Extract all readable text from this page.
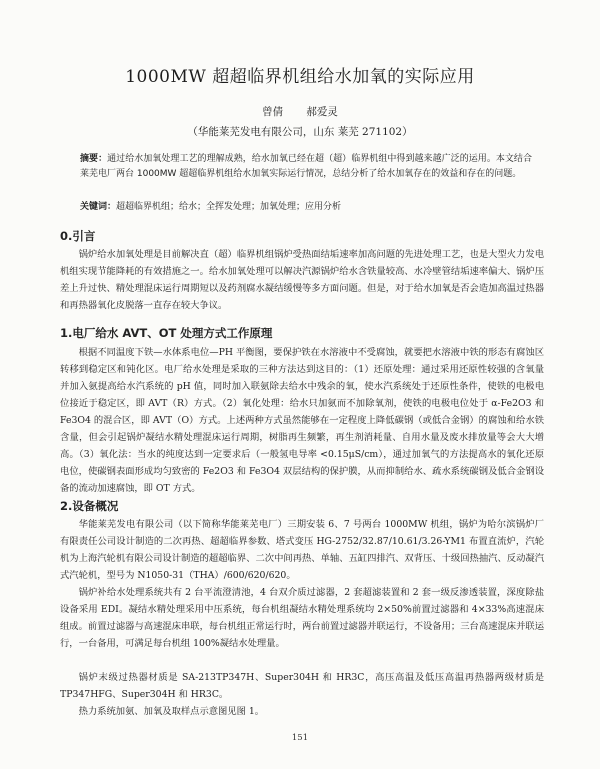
1000MW 超超临界机组给水加氧的实际应用
曾倩 郝爱灵
（华能莱芜发电有限公司，山东 莱芜 271102）
摘要：通过给水加氧处理工艺的理解成熟，给水加氧已经在超（超）临界机组中得到越来越广泛的运用。本文结合莱芜电厂两台 1000MW 超超临界机组给水加氧实际运行情况，总结分析了给水加氧存在的效益和存在的问题。
关键词：超超临界机组；给水；全挥发处理；加氧处理；应用分析
0.引言
锅炉给水加氧处理是目前解决直（超）临界机组锅炉受热面结垢速率加高问题的先进处理工艺，也是大型火力发电机组实现节能降耗的有效措施之一。给水加氧处理可以解决汽源锅炉给水含铁量较高、水冷壁管结垢速率偏大、锅炉压差上升过快、精处理混床运行周期短以及药剂腐水凝结缓慢等多方面问题。但是，对于给水加氧是否会造加高温过热器和再热器氧化皮脱落一直存在较大争议。
1.电厂给水 AVT、OT 处理方式工作原理
根据不同温度下铁—水体系电位—PH 平衡图，要保护铁在水溶液中不受腐蚀，就要把水溶液中铁的形态有腐蚀区转移到稳定区和钝化区。电厂给水处理是采取的三种方法达到这目的：（1）还原处理：通过采用还原性较强的含氧量并加入氨提高给水汽系统的 pH 值，同时加入联氨除去给水中残余的氧，使水汽系统处于还原性条件，使铁的电极电位接近于稳定区，即 AVT（R）方式。（2）氧化处理：给水只加氨而不加除氧剂，使铁的电极电位处于 α-Fe2O3 和 Fe3O4 的混合区，即 AVT（O）方式。上述两种方式虽然能够在一定程度上降低碳钢（或低合金钢）的腐蚀和给水铁含量，但会引起锅炉凝结水精处理混床运行周期，树脂再生频繁，再生剂消耗量、自用水量及废水排放量等会大大增高。（3）氧化法：当水的纯度达到一定要求后（一般氢电导率 <0.15μS/cm），通过加氧气的方法提高水的氧化还原电位，使碳钢表面形成均匀致密的 Fe2O3 和 Fe3O4 双层结构的保护膜，从而抑制给水、疏水系统碳钢及低合金钢设备的流动加速腐蚀，即 OT 方式。
2.设备概况
华能莱芜发电有限公司（以下简称华能莱芜电厂）三期安装 6、7 号两台 1000MW 机组，锅炉为哈尔滨锅炉厂有限责任公司设计制造的二次再热、超超临界参数、塔式变压 HG-2752/32.87/10.61/3.26-YM1 布置直流炉，汽轮机为上海汽轮机有限公司设计制造的超超临界、二次中间再热、单轴、五缸四排汽、双背压、十级回热抽汽、反动凝汽式汽轮机，型号为 N1050-31（THA）/600/620/620。
锅炉补给水处理系统共有 2 台平流澄清池，4 台双介质过滤器，2 套超滤装置和 2 套一级反渗透装置，深度除盐设备采用 EDI。凝结水精处理采用中压系统，每台机组凝结水精处理系统均 2×50%前置过滤器和 4×33%高速混床组成。前置过滤器与高速混床串联，每台机组正常运行时，两台前置过滤器并联运行，不设备用；三台高速混床并联运行，一台备用，可满足每台机组 100%凝结水处理量。
锅炉末级过热器材质是 SA-213TP347H、Super304H 和 HR3C，高压高温及低压高温再热器两级材质是 TP347HFG、Super304H 和 HR3C。
热力系统加氨、加氧及取样点示意图见图 1。
151
